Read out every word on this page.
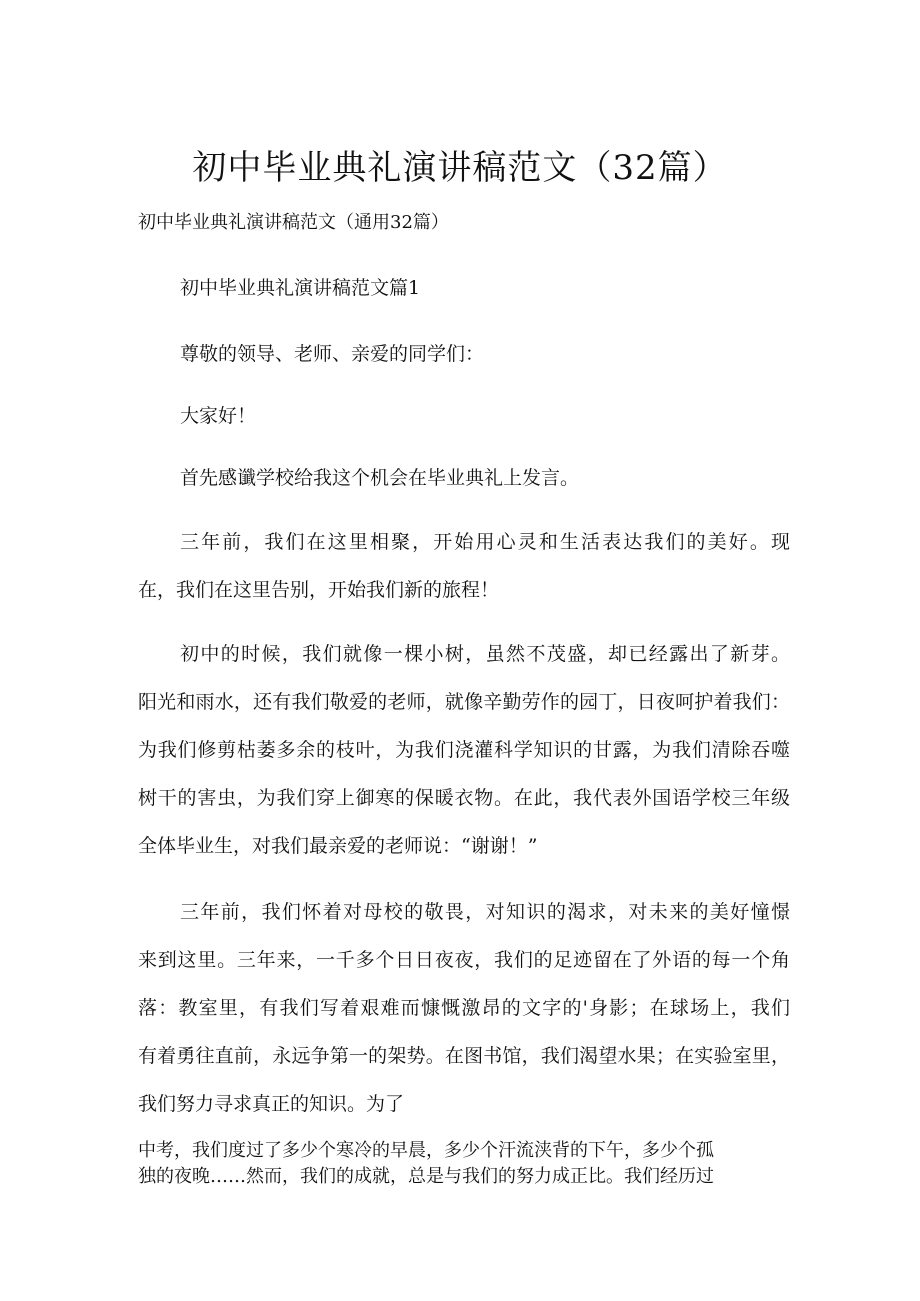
初中毕业典礼演讲稿范文（32篇）
初中毕业典礼演讲稿范文（通用32篇）
初中毕业典礼演讲稿范文篇1
尊敬的领导、老师、亲爱的同学们：
大家好！
首先感谶学校给我这个机会在毕业典礼上发言。
三年前，我们在这里相聚，开始用心灵和生活表达我们的美好。现
在，我们在这里告别，开始我们新的旅程！
初中的时候，我们就像一棵小树，虽然不茂盛，却已经露出了新芽。
阳光和雨水，还有我们敬爱的老师，就像辛勤劳作的园丁，日夜呵护着我们：
为我们修剪枯萎多余的枝叶，为我们浇灌科学知识的甘露，为我们清除吞噬
树干的害虫，为我们穿上御寒的保暖衣物。在此，我代表外国语学校三年级
全体毕业生，对我们最亲爱的老师说：“谢谢！”
三年前，我们怀着对母校的敬畏，对知识的渴求，对未来的美好憧憬
来到这里。三年来，一千多个日日夜夜，我们的足迹留在了外语的每一个角
落：教室里，有我们写着艰难而慷慨激昂的文字的'身影；在球场上，我们
有着勇往直前，永远争第一的架势。在图书馆，我们渴望水果；在实验室里，
我们努力寻求真正的知识。为了
中考，我们度过了多少个寒冷的早晨，多少个汗流浃背的下午，多少个孤
独的夜晚……然而，我们的成就，总是与我们的努力成正比。我们经历过
